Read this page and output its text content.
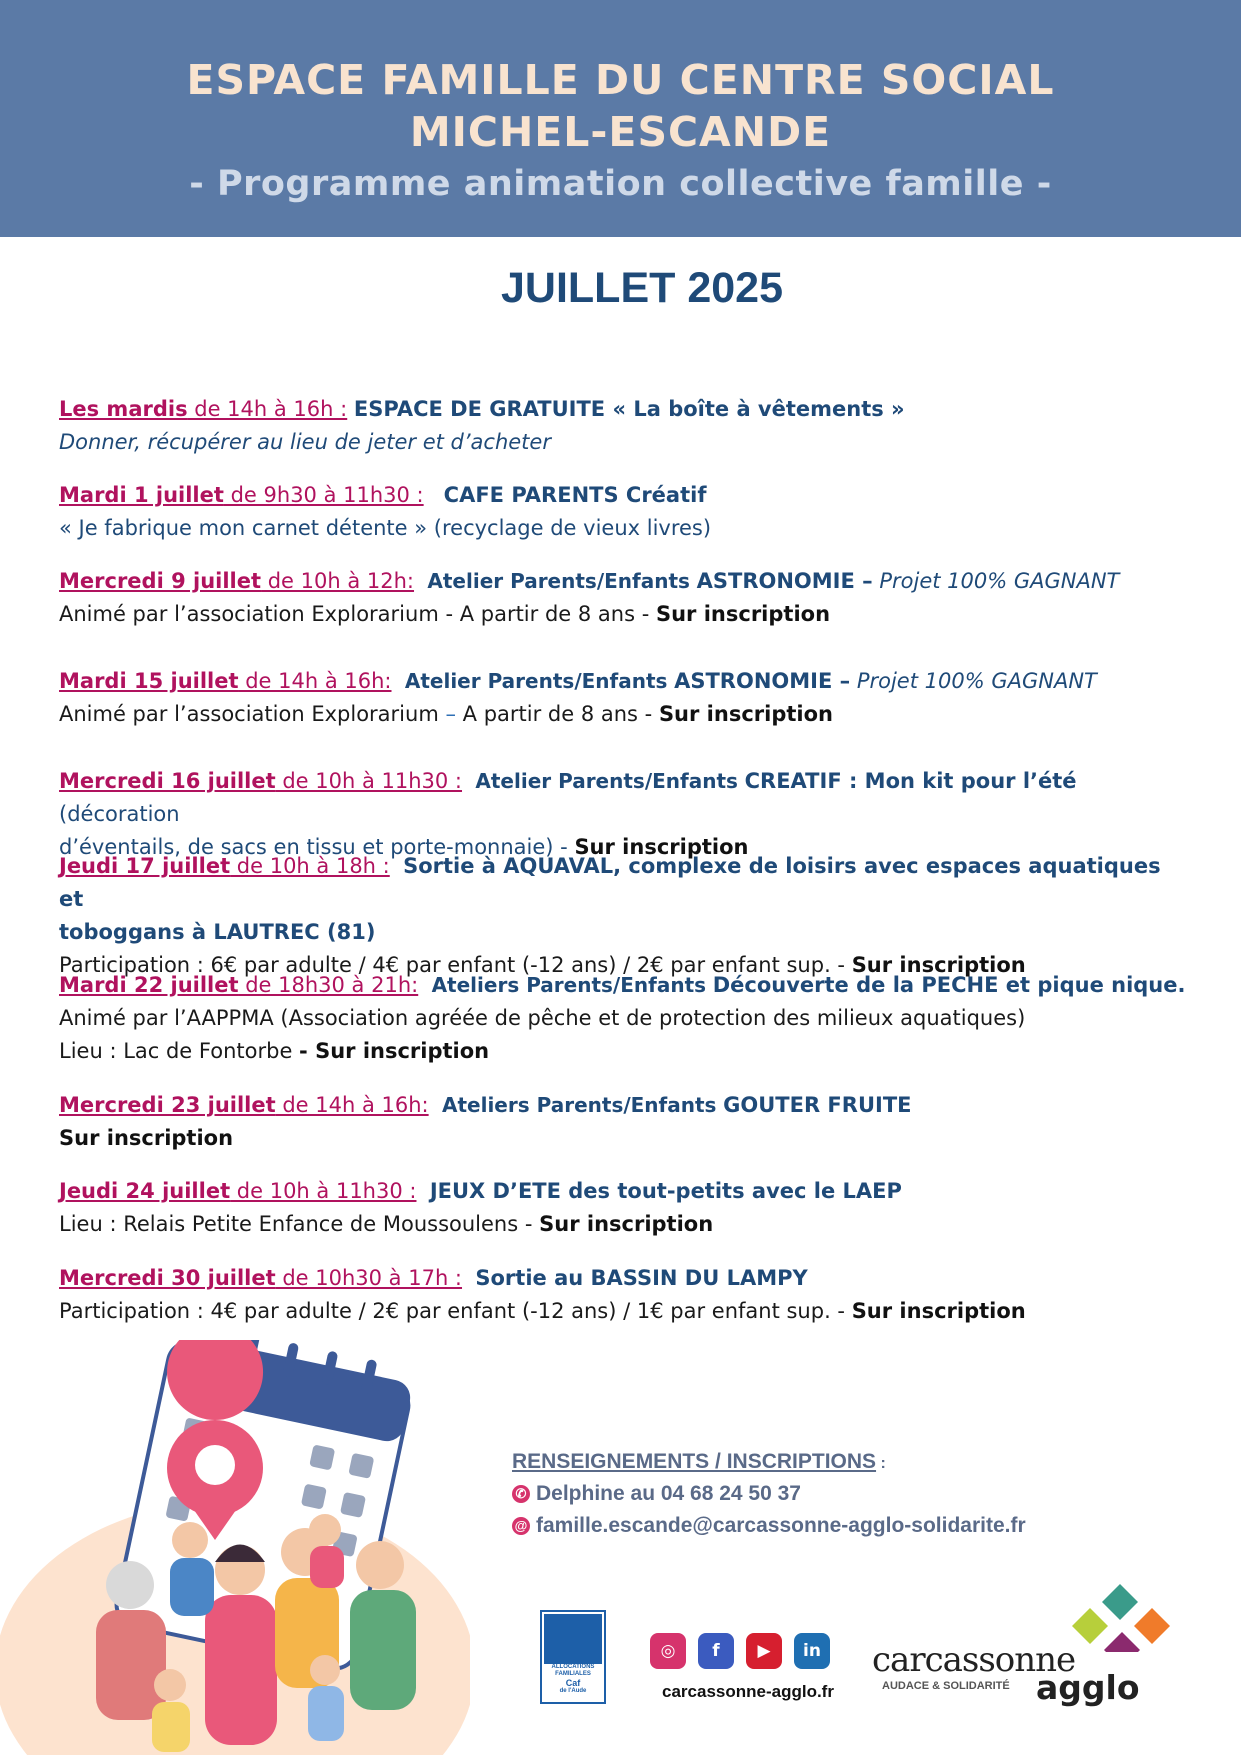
ESPACE FAMILLE DU CENTRE SOCIAL
MICHEL-ESCANDE
- Programme animation collective famille -
JUILLET 2025

Les mardis de 14h à 16h : ESPACE DE GRATUITE « La boîte à vêtements »

Donner, récupérer au lieu de jeter et d’acheter

Mardi 1 juillet de 9h30 à 11h30 : CAFE PARENTS Créatif

« Je fabrique mon carnet détente » (recyclage de vieux livres)

Mercredi 9 juillet de 10h à 12h: Atelier Parents/Enfants ASTRONOMIE – Projet 100% GAGNANT

Animé par l’association Explorarium - A partir de 8 ans - Sur inscription

Mardi 15 juillet de 14h à 16h: Atelier Parents/Enfants ASTRONOMIE – Projet 100% GAGNANT

Animé par l’association Explorarium – A partir de 8 ans - Sur inscription

Mercredi 16 juillet de 10h à 11h30 : Atelier Parents/Enfants CREATIF : Mon kit pour l’été (décoration

d’éventails, de sacs en tissu et porte-monnaie) - Sur inscription

Jeudi 17 juillet de 10h à 18h : Sortie à AQUAVAL, complexe de loisirs avec espaces aquatiques et

toboggans à LAUTREC (81)

Participation : 6€ par adulte / 4€ par enfant (-12 ans) / 2€ par enfant sup. - Sur inscription

Mardi 22 juillet de 18h30 à 21h: Ateliers Parents/Enfants Découverte de la PECHE et pique nique.

Animé par l’AAPPMA (Association agréée de pêche et de protection des milieux aquatiques)

Lieu : Lac de Fontorbe - Sur inscription

Mercredi 23 juillet de 14h à 16h: Ateliers Parents/Enfants GOUTER FRUITE

Sur inscription

Jeudi 24 juillet de 10h à 11h30 : JEUX D’ETE des tout-petits avec le LAEP

Lieu : Relais Petite Enfance de Moussoulens - Sur inscription

Mercredi 30 juillet de 10h30 à 17h : Sortie au BASSIN DU LAMPY

Participation : 4€ par adulte / 2€ par enfant (-12 ans) / 1€ par enfant sup. - Sur inscription

RENSEIGNEMENTS / INSCRIPTIONS :
✆ Delphine au 04 68 24 50 37
@ famille.escande@carcassonne-agglo-solidarite.fr
ALLOCATIONS
FAMILIALES
Caf
de l'Aude
◎	f	▶	in
carcassonne-agglo.fr
carcassonne
AUDACE & SOLIDARITÉ agglo
